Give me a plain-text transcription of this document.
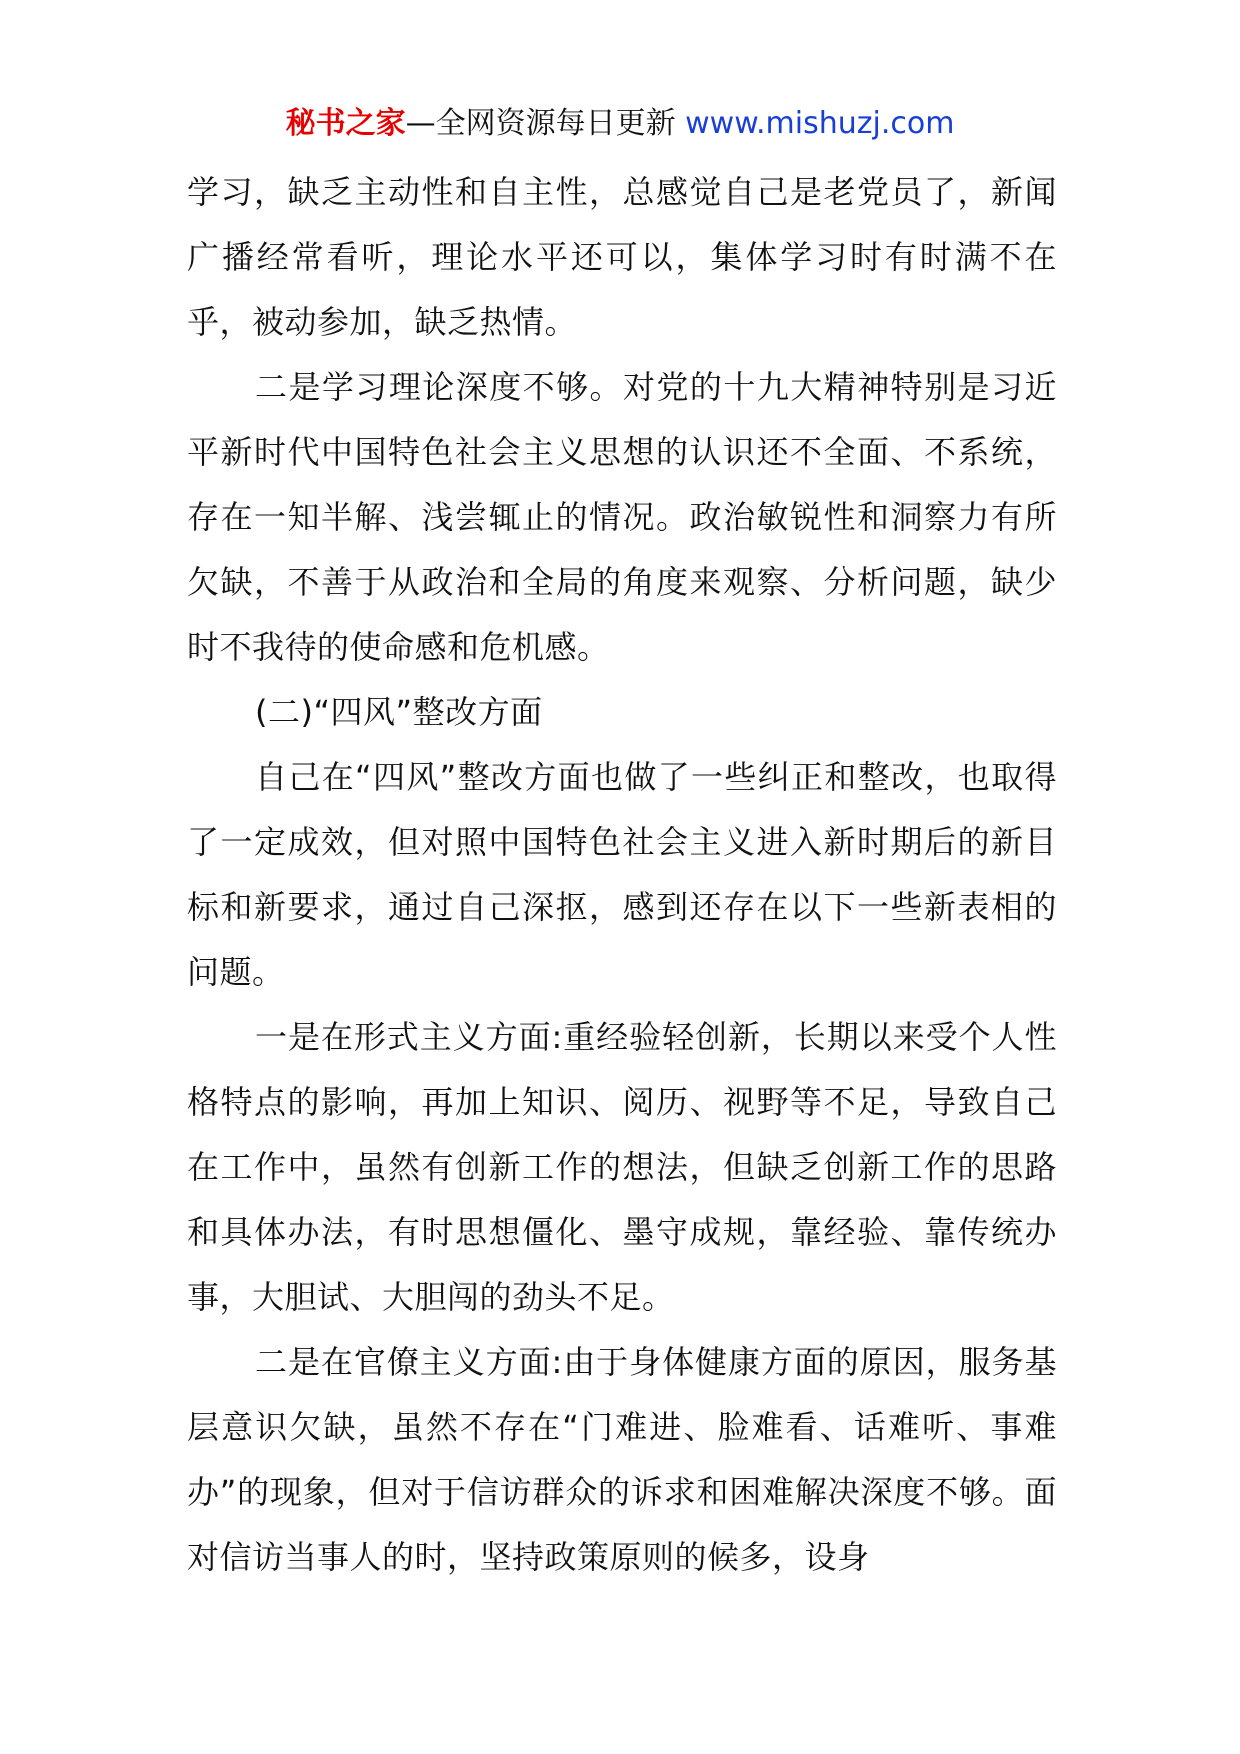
秘书之家—全网资源每日更新 www.mishuzj.com

学习，缺乏主动性和自主性，总感觉自己是老党员了，新闻广播经常看听，理论水平还可以，集体学习时有时满不在乎，被动参加，缺乏热情。

二是学习理论深度不够。对党的十九大精神特别是习近平新时代中国特色社会主义思想的认识还不全面、不系统，存在一知半解、浅尝辄止的情况。政治敏锐性和洞察力有所欠缺，不善于从政治和全局的角度来观察、分析问题，缺少时不我待的使命感和危机感。

(二)“四风”整改方面

自己在“四风”整改方面也做了一些纠正和整改，也取得了一定成效，但对照中国特色社会主义进入新时期后的新目标和新要求，通过自己深抠，感到还存在以下一些新表相的问题。

一是在形式主义方面:重经验轻创新，长期以来受个人性格特点的影响，再加上知识、阅历、视野等不足，导致自己在工作中，虽然有创新工作的想法，但缺乏创新工作的思路和具体办法，有时思想僵化、墨守成规，靠经验、靠传统办事，大胆试、大胆闯的劲头不足。

二是在官僚主义方面:由于身体健康方面的原因，服务基层意识欠缺，虽然不存在“门难进、脸难看、话难听、事难办”的现象，但对于信访群众的诉求和困难解决深度不够。面对信访当事人的时，坚持政策原则的候多，设身
